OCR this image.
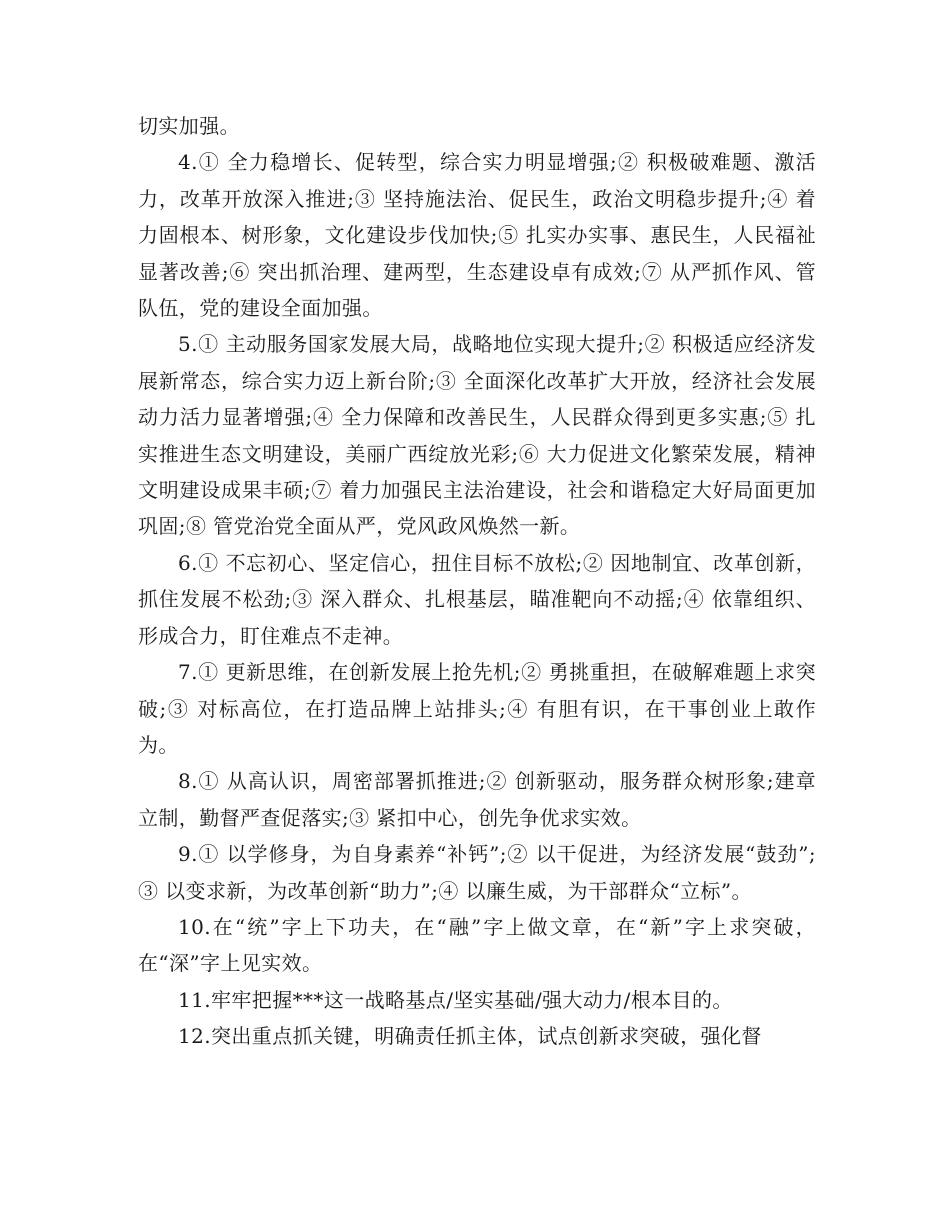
切实加强。

4.① 全力稳增长、促转型，综合实力明显增强;② 积极破难题、激活力，改革开放深入推进;③ 坚持施法治、促民生，政治文明稳步提升;④ 着力固根本、树形象，文化建设步伐加快;⑤ 扎实办实事、惠民生，人民福祉显著改善;⑥ 突出抓治理、建两型，生态建设卓有成效;⑦ 从严抓作风、管队伍，党的建设全面加强。

5.① 主动服务国家发展大局，战略地位实现大提升;② 积极适应经济发展新常态，综合实力迈上新台阶;③ 全面深化改革扩大开放，经济社会发展动力活力显著增强;④ 全力保障和改善民生，人民群众得到更多实惠;⑤ 扎实推进生态文明建设，美丽广西绽放光彩;⑥ 大力促进文化繁荣发展，精神文明建设成果丰硕;⑦ 着力加强民主法治建设，社会和谐稳定大好局面更加巩固;⑧ 管党治党全面从严，党风政风焕然一新。

6.① 不忘初心、坚定信心，扭住目标不放松;② 因地制宜、改革创新，抓住发展不松劲;③ 深入群众、扎根基层，瞄准靶向不动摇;④ 依靠组织、形成合力，盯住难点不走神。

7.① 更新思维，在创新发展上抢先机;② 勇挑重担，在破解难题上求突破;③ 对标高位，在打造品牌上站排头;④ 有胆有识，在干事创业上敢作为。

8.① 从高认识，周密部署抓推进;② 创新驱动，服务群众树形象;建章立制，勤督严查促落实;③ 紧扣中心，创先争优求实效。

9.① 以学修身，为自身素养“补钙”;② 以干促进，为经济发展“鼓劲”;③ 以变求新，为改革创新“助力”;④ 以廉生威，为干部群众“立标”。

10.在“统”字上下功夫，在“融”字上做文章，在“新”字上求突破，在“深”字上见实效。

11.牢牢把握***这一战略基点/坚实基础/强大动力/根本目的。

12.突出重点抓关键，明确责任抓主体，试点创新求突破，强化督
